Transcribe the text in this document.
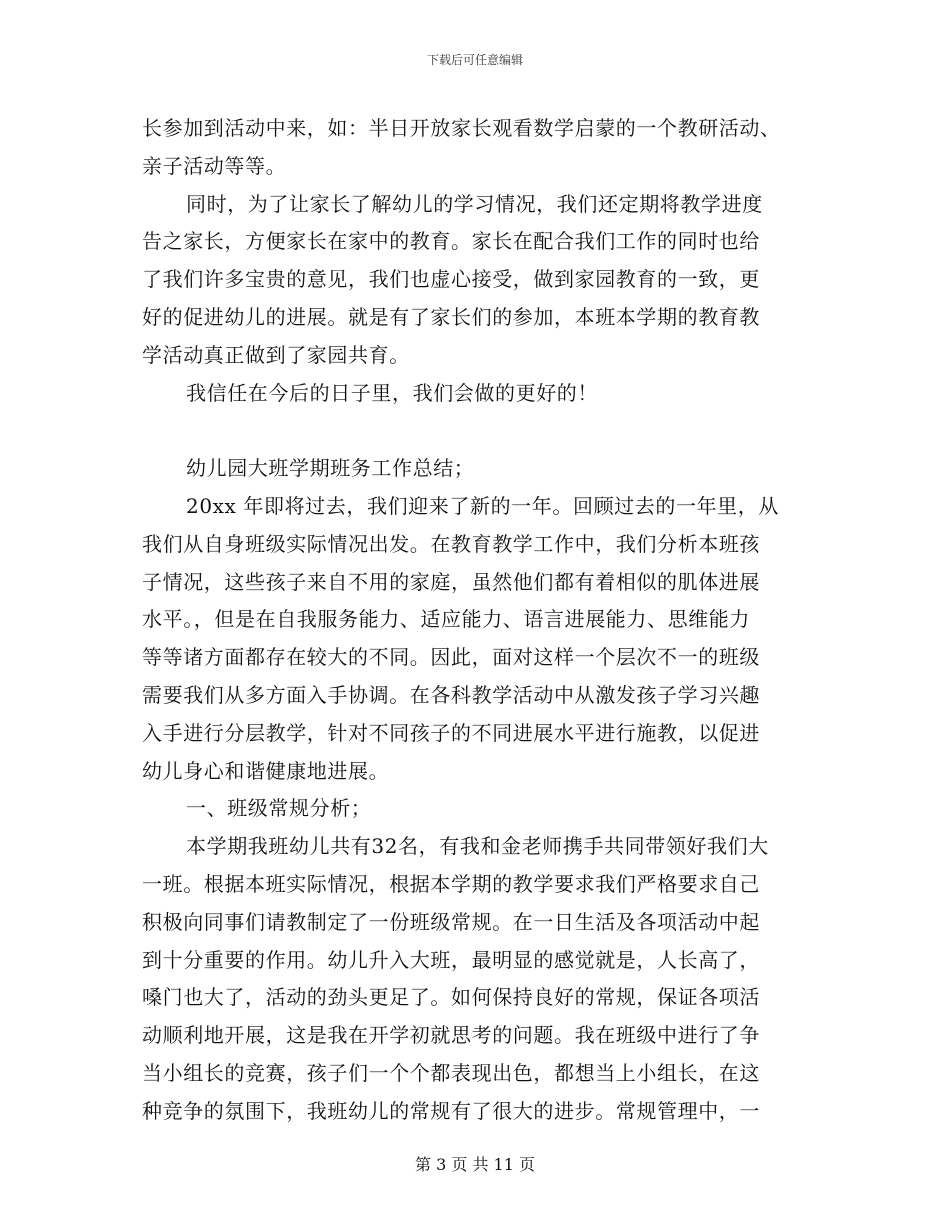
下载后可任意编辑
长参加到活动中来，如：半日开放家长观看数学启蒙的一个教研活动、
亲子活动等等。
同时，为了让家长了解幼儿的学习情况，我们还定期将教学进度
告之家长，方便家长在家中的教育。家长在配合我们工作的同时也给
了我们许多宝贵的意见，我们也虚心接受，做到家园教育的一致，更
好的促进幼儿的进展。就是有了家长们的参加，本班本学期的教育教
学活动真正做到了家园共育。
我信任在今后的日子里，我们会做的更好的！
幼儿园大班学期班务工作总结；
20xx 年即将过去，我们迎来了新的一年。回顾过去的一年里，从
我们从自身班级实际情况出发。在教育教学工作中，我们分析本班孩
子情况，这些孩子来自不用的家庭，虽然他们都有着相似的肌体进展
水平。，但是在自我服务能力、适应能力、语言进展能力、思维能力
等等诸方面都存在较大的不同。因此，面对这样一个层次不一的班级
需要我们从多方面入手协调。在各科教学活动中从激发孩子学习兴趣
入手进行分层教学，针对不同孩子的不同进展水平进行施教，以促进
幼儿身心和谐健康地进展。
一、班级常规分析；
本学期我班幼儿共有32名，有我和金老师携手共同带领好我们大
一班。根据本班实际情况，根据本学期的教学要求我们严格要求自己
积极向同事们请教制定了一份班级常规。在一日生活及各项活动中起
到十分重要的作用。幼儿升入大班，最明显的感觉就是，人长高了，
嗓门也大了，活动的劲头更足了。如何保持良好的常规，保证各项活
动顺利地开展，这是我在开学初就思考的问题。我在班级中进行了争
当小组长的竞赛，孩子们一个个都表现出色，都想当上小组长，在这
种竞争的氛围下，我班幼儿的常规有了很大的进步。常规管理中，一
第 3 页 共 11 页
